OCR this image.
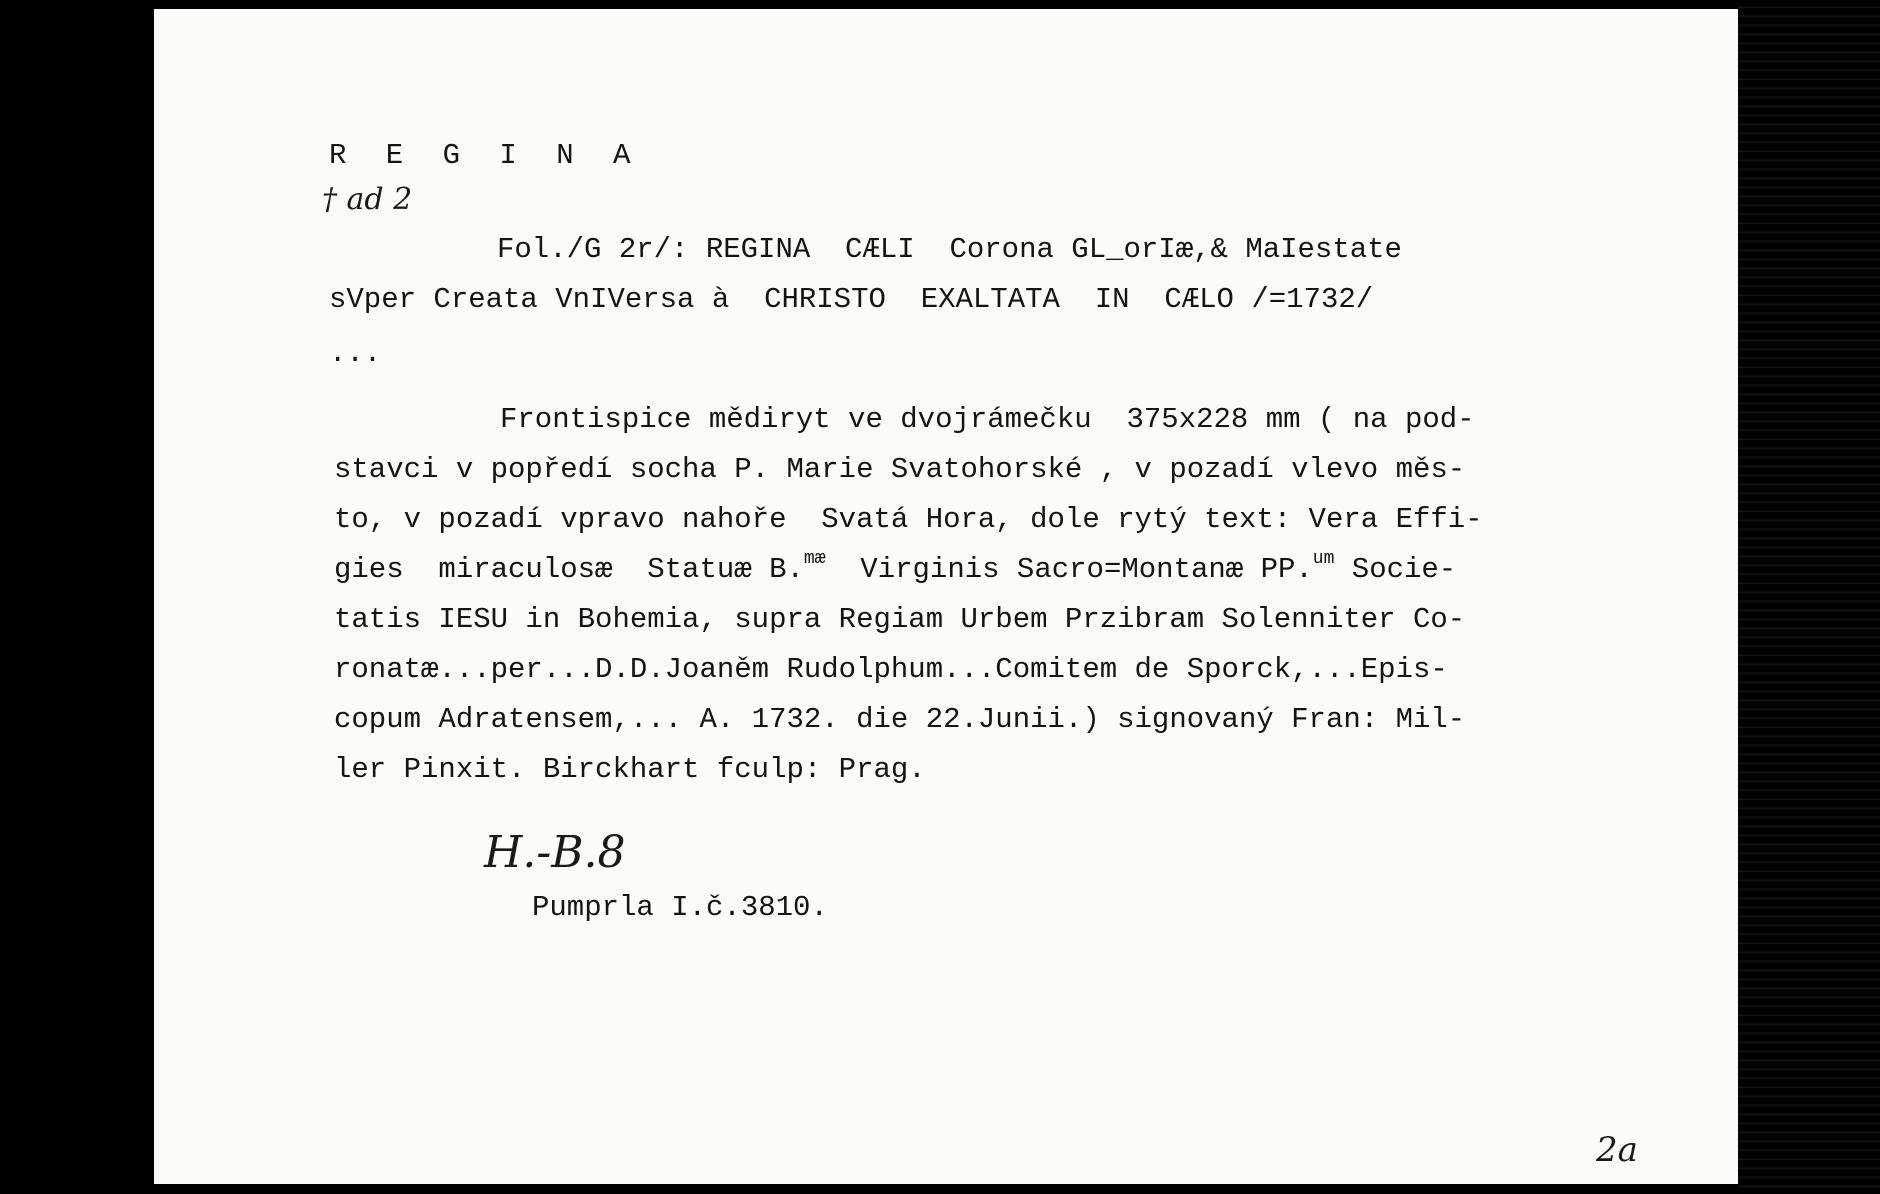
R E G I N A
† ad 2
Fol./G 2r/: REGINA  CÆLI  Corona GL_orIæ,& MaIestate
sVper Creata VnIVersa à  CHRISTO  EXALTATA  IN  CÆLO /=1732/
...
Frontispice mědiryt ve dvojrámečku  375x228 mm ( na pod-
stavci v popředí socha P. Marie Svatohorské , v pozadí vlevo měs-
to, v pozadí vpravo nahoře  Svatá Hora, dole rytý text: Vera Effi-
gies  miraculosæ  Statuæ B.$^{mæ}$  Virginis Sacro=Montanæ PP.$^{um}$ Socie-
tatis IESU in Bohemia, supra Regiam Urbem Przibram Solenniter Co-
ronatæ...per...D.D.Joaněm Rudolphum...Comitem de Sporck,...Epis-
copum Adratensem,... A. 1732. die 22.Junii.) signovaný Fran: Mil-
ler Pinxit. Birckhart fculp: Prag.
H.-B.8
Pumprla I.č.3810.
2a
